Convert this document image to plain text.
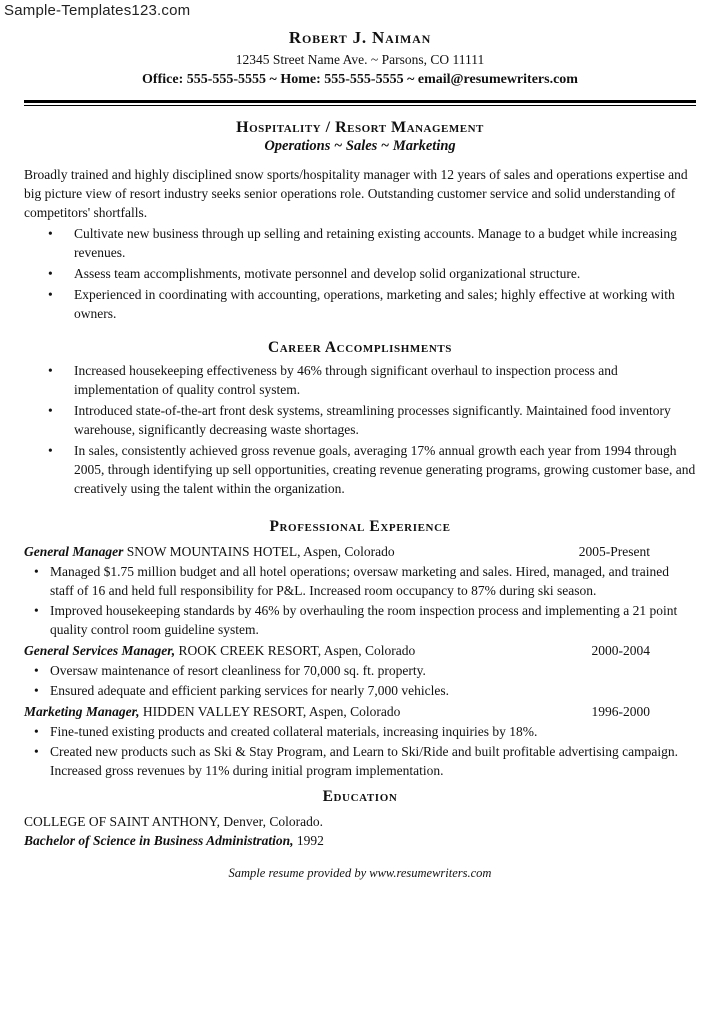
Sample-Templates123.com
Robert J. Naiman
12345 Street Name Ave. ~ Parsons, CO 11111
Office: 555-555-5555 ~ Home: 555-555-5555 ~ email@resumewriters.com
Hospitality / Resort Management
Operations ~ Sales ~ Marketing
Broadly trained and highly disciplined snow sports/hospitality manager with 12 years of sales and operations expertise and big picture view of resort industry seeks senior operations role. Outstanding customer service and solid understanding of competitors' shortfalls.
• Cultivate new business through up selling and retaining existing accounts. Manage to a budget while increasing revenues.
• Assess team accomplishments, motivate personnel and develop solid organizational structure.
• Experienced in coordinating with accounting, operations, marketing and sales; highly effective at working with owners.
Career Accomplishments
• Increased housekeeping effectiveness by 46% through significant overhaul to inspection process and implementation of quality control system.
• Introduced state-of-the-art front desk systems, streamlining processes significantly. Maintained food inventory warehouse, significantly decreasing waste shortages.
• In sales, consistently achieved gross revenue goals, averaging 17% annual growth each year from 1994 through 2005, through identifying up sell opportunities, creating revenue generating programs, growing customer base, and creatively using the talent within the organization.
Professional Experience
General Manager SNOW MOUNTAINS HOTEL, Aspen, Colorado	2005-Present
• Managed $1.75 million budget and all hotel operations; oversaw marketing and sales. Hired, managed, and trained staff of 16 and held full responsibility for P&L. Increased room occupancy to 87% during ski season.
• Improved housekeeping standards by 46% by overhauling the room inspection process and implementing a 21 point quality control room guideline system.
General Services Manager, ROOK CREEK RESORT, Aspen, Colorado	2000-2004
• Oversaw maintenance of resort cleanliness for 70,000 sq. ft. property.
• Ensured adequate and efficient parking services for nearly 7,000 vehicles.
Marketing Manager, HIDDEN VALLEY RESORT, Aspen, Colorado	1996-2000
• Fine-tuned existing products and created collateral materials, increasing inquiries by 18%.
• Created new products such as Ski & Stay Program, and Learn to Ski/Ride and built profitable advertising campaign. Increased gross revenues by 11% during initial program implementation.
Education
COLLEGE OF SAINT ANTHONY, Denver, Colorado.
Bachelor of Science in Business Administration, 1992
Sample resume provided by www.resumewriters.com
